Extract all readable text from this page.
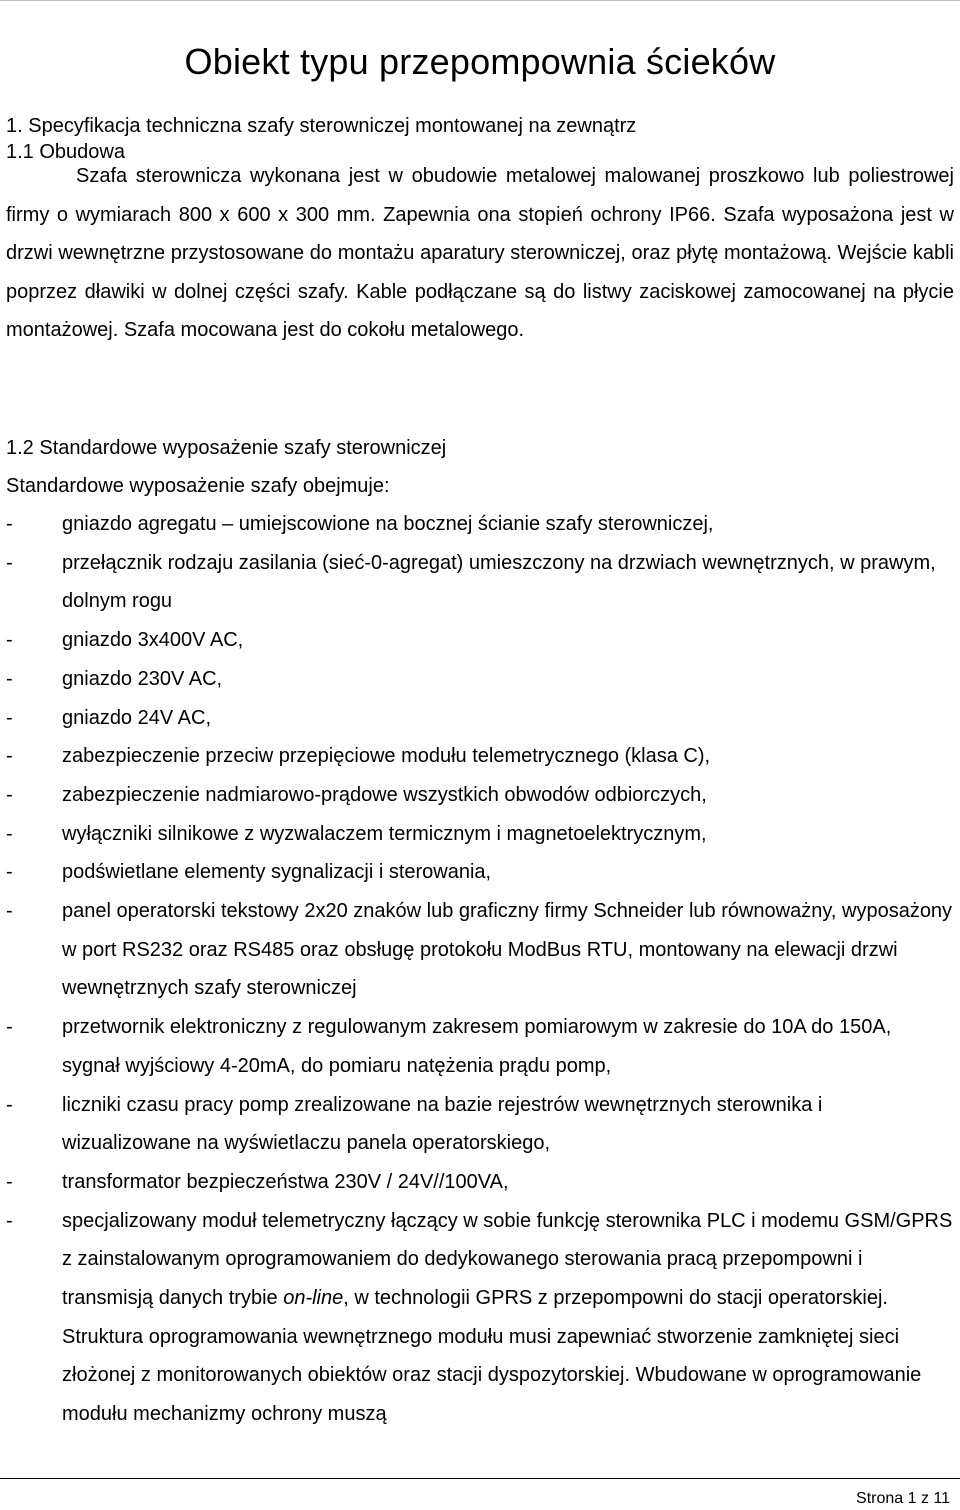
Obiekt typu przepompownia ścieków
1. Specyfikacja techniczna szafy sterowniczej montowanej na zewnątrz
1.1 Obudowa
Szafa sterownicza wykonana jest w obudowie metalowej malowanej proszkowo lub poliestrowej firmy o wymiarach 800 x 600 x 300 mm. Zapewnia ona stopień ochrony IP66. Szafa wyposażona jest w drzwi wewnętrzne przystosowane do montażu aparatury sterowniczej, oraz płytę montażową. Wejście kabli poprzez dławiki w dolnej części szafy. Kable podłączane są do listwy zaciskowej zamocowanej na płycie montażowej. Szafa mocowana jest do cokołu metalowego.
1.2 Standardowe wyposażenie szafy sterowniczej
Standardowe wyposażenie szafy obejmuje:
- gniazdo agregatu – umiejscowione na bocznej ścianie szafy sterowniczej,
- przełącznik rodzaju zasilania (sieć-0-agregat) umieszczony na drzwiach wewnętrznych, w prawym, dolnym rogu
- gniazdo 3x400V AC,
- gniazdo 230V AC,
- gniazdo 24V AC,
- zabezpieczenie przeciw przepięciowe modułu telemetrycznego (klasa C),
- zabezpieczenie nadmiarowo-prądowe wszystkich obwodów odbiorczych,
- wyłączniki silnikowe z wyzwalaczem termicznym i magnetoelektrycznym,
- podświetlane elementy sygnalizacji i sterowania,
- panel operatorski tekstowy 2x20 znaków lub graficzny firmy Schneider lub równoważny, wyposażony w port RS232 oraz RS485 oraz obsługę protokołu ModBus RTU, montowany na elewacji drzwi wewnętrznych szafy sterowniczej
- przetwornik elektroniczny z regulowanym zakresem pomiarowym w zakresie do 10A do 150A, sygnał wyjściowy 4-20mA, do pomiaru natężenia prądu pomp,
- liczniki czasu pracy pomp zrealizowane na bazie rejestrów wewnętrznych sterownika i wizualizowane na wyświetlaczu panela operatorskiego,
- transformator bezpieczeństwa 230V / 24V//100VA,
- specjalizowany moduł telemetryczny łączący w sobie funkcję sterownika PLC i modemu GSM/GPRS z zainstalowanym oprogramowaniem do dedykowanego sterowania pracą przepompowni i transmisją danych trybie on-line, w technologii GPRS z przepompowni do stacji operatorskiej. Struktura oprogramowania wewnętrznego modułu musi zapewniać stworzenie zamkniętej sieci złożonej z monitorowanych obiektów oraz stacji dyspozytorskiej. Wbudowane w oprogramowanie modułu mechanizmy ochrony muszą
Strona 1 z 11
